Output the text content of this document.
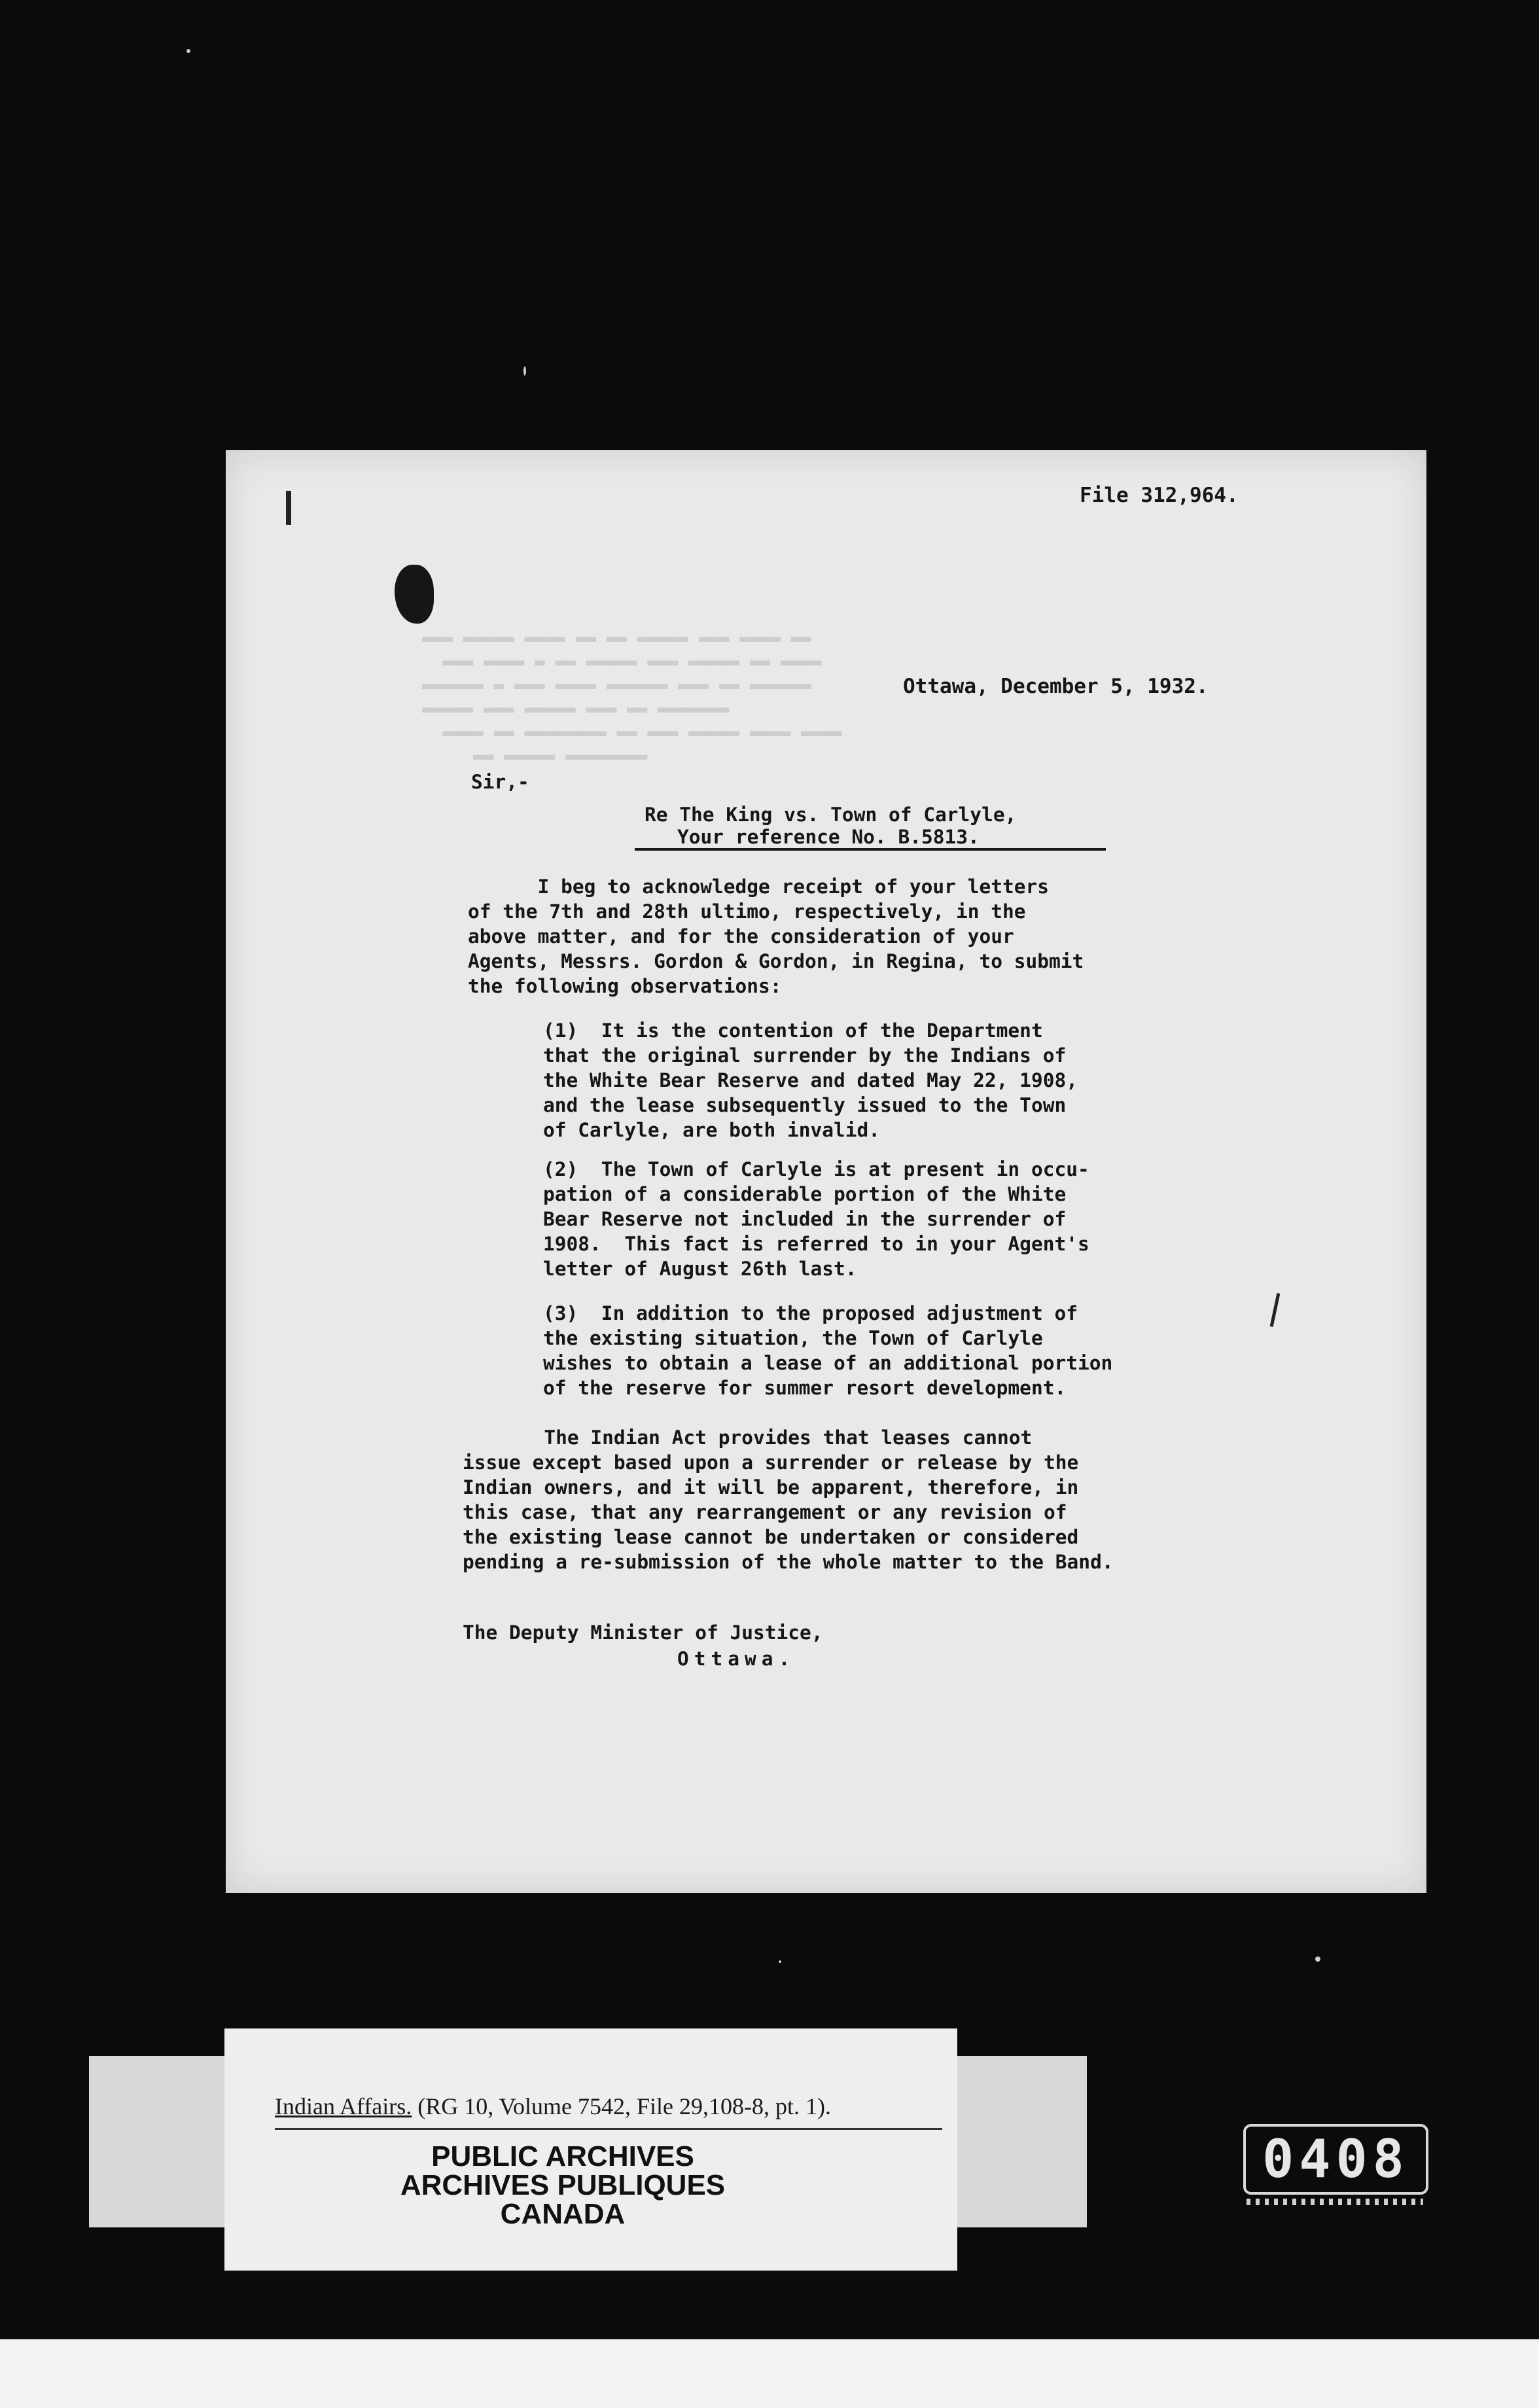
▬▬▬ ▬▬▬▬▬ ▬▬▬▬ ▬▬ ▬▬ ▬▬▬▬▬ ▬▬▬ ▬▬▬▬ ▬▬
▬▬▬ ▬▬▬▬ ▬ ▬▬ ▬▬▬▬▬ ▬▬▬ ▬▬▬▬▬ ▬▬ ▬▬▬▬
▬▬▬▬▬▬ ▬ ▬▬▬ ▬▬▬▬ ▬▬▬▬▬▬ ▬▬▬ ▬▬ ▬▬▬▬▬▬
▬▬▬▬▬ ▬▬▬ ▬▬▬▬▬ ▬▬▬ ▬▬ ▬▬▬▬▬▬▬
▬▬▬▬ ▬▬ ▬▬▬▬▬▬▬▬ ▬▬ ▬▬▬ ▬▬▬▬▬ ▬▬▬▬ ▬▬▬▬
▬▬ ▬▬▬▬▬ ▬▬▬▬▬▬▬▬
File 312,964.
Ottawa, December 5, 1932.
Sir,-
Re The King vs. Town of Carlyle,
Your reference No. B.5813.
I beg to acknowledge receipt of your letters
of the 7th and 28th ultimo, respectively, in the
above matter, and for the consideration of your
Agents, Messrs. Gordon & Gordon, in Regina, to submit
the following observations:
(1)  It is the contention of the Department
that the original surrender by the Indians of
the White Bear Reserve and dated May 22, 1908,
and the lease subsequently issued to the Town
of Carlyle, are both invalid.
(2)  The Town of Carlyle is at present in occu-
pation of a considerable portion of the White
Bear Reserve not included in the surrender of
1908.  This fact is referred to in your Agent's
letter of August 26th last.
(3)  In addition to the proposed adjustment of
the existing situation, the Town of Carlyle
wishes to obtain a lease of an additional portion
of the reserve for summer resort development.
The Indian Act provides that leases cannot
issue except based upon a surrender or release by the
Indian owners, and it will be apparent, therefore, in
this case, that any rearrangement or any revision of
the existing lease cannot be undertaken or considered
pending a re-submission of the whole matter to the Band.
The Deputy Minister of Justice,
Ottawa.
Indian Affairs. (RG 10, Volume 7542, File 29,108-8, pt. 1).
PUBLIC ARCHIVES
ARCHIVES PUBLIQUES
CANADA
0408
